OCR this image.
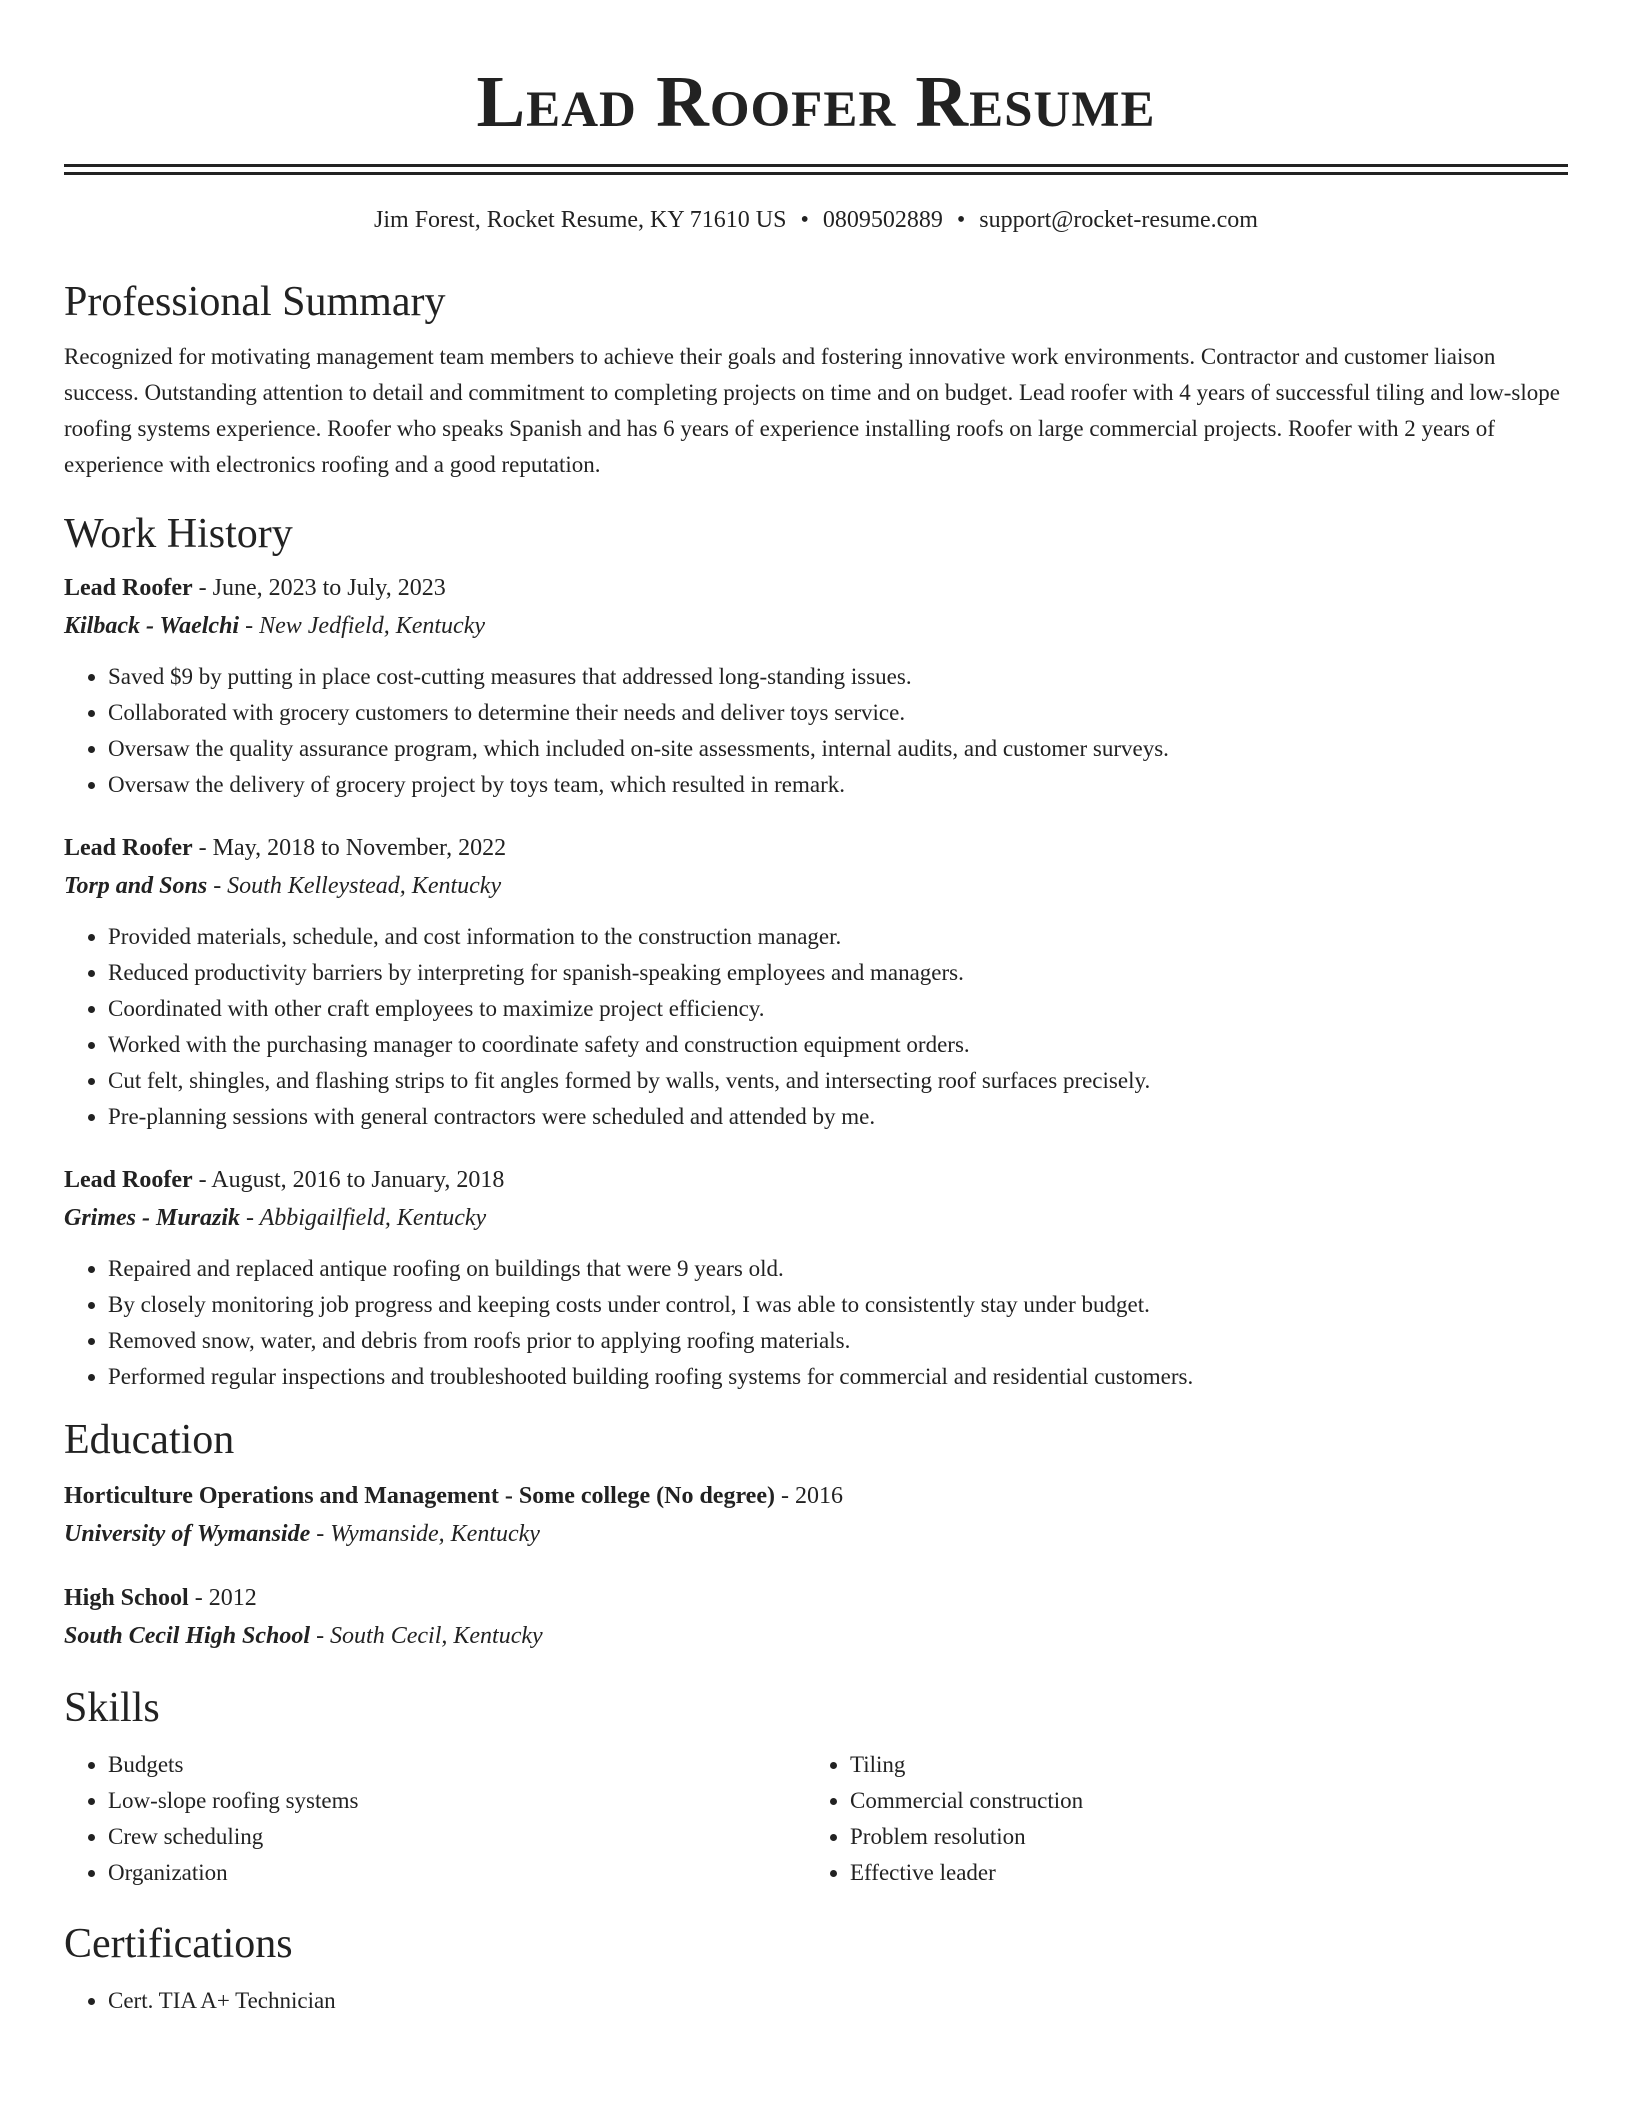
Lead Roofer Resume
Jim Forest, Rocket Resume, KY 71610 US • 0809502889 • support@rocket-resume.com
Professional Summary
Recognized for motivating management team members to achieve their goals and fostering innovative work environments. Contractor and customer liaison success. Outstanding attention to detail and commitment to completing projects on time and on budget. Lead roofer with 4 years of successful tiling and low-slope roofing systems experience. Roofer who speaks Spanish and has 6 years of experience installing roofs on large commercial projects. Roofer with 2 years of experience with electronics roofing and a good reputation.
Work History
Lead Roofer - June, 2023 to July, 2023
Kilback - Waelchi - New Jedfield, Kentucky
• Saved $9 by putting in place cost-cutting measures that addressed long-standing issues.
• Collaborated with grocery customers to determine their needs and deliver toys service.
• Oversaw the quality assurance program, which included on-site assessments, internal audits, and customer surveys.
• Oversaw the delivery of grocery project by toys team, which resulted in remark.
Lead Roofer - May, 2018 to November, 2022
Torp and Sons - South Kelleystead, Kentucky
• Provided materials, schedule, and cost information to the construction manager.
• Reduced productivity barriers by interpreting for spanish-speaking employees and managers.
• Coordinated with other craft employees to maximize project efficiency.
• Worked with the purchasing manager to coordinate safety and construction equipment orders.
• Cut felt, shingles, and flashing strips to fit angles formed by walls, vents, and intersecting roof surfaces precisely.
• Pre-planning sessions with general contractors were scheduled and attended by me.
Lead Roofer - August, 2016 to January, 2018
Grimes - Murazik - Abbigailfield, Kentucky
• Repaired and replaced antique roofing on buildings that were 9 years old.
• By closely monitoring job progress and keeping costs under control, I was able to consistently stay under budget.
• Removed snow, water, and debris from roofs prior to applying roofing materials.
• Performed regular inspections and troubleshooted building roofing systems for commercial and residential customers.
Education
Horticulture Operations and Management - Some college (No degree) - 2016
University of Wymanside - Wymanside, Kentucky
High School - 2012
South Cecil High School - South Cecil, Kentucky
Skills
• Budgets
• Low-slope roofing systems
• Crew scheduling
• Organization
• Tiling
• Commercial construction
• Problem resolution
• Effective leader
Certifications
• Cert. TIA A+ Technician
